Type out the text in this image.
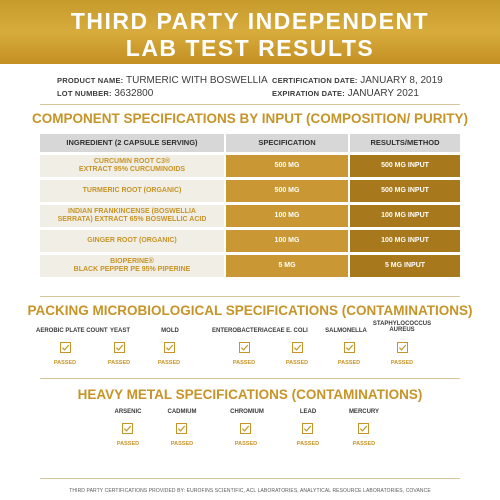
THIRD PARTY INDEPENDENT
LAB TEST RESULTS
PRODUCT NAME: TURMERIC WITH BOSWELLIA
LOT NUMBER: 3632800
CERTIFICATION DATE: JANUARY 8, 2019
EXPIRATION DATE: JANUARY 2021
COMPONENT SPECIFICATIONS BY INPUT (COMPOSITION/ PURITY)
INGREDIENT (2 CAPSULE SERVING)	SPECIFICATION	RESULTS/METHOD
CURCUMIN ROOT C3®
EXTRACT 95% CURCUMINOIDS
500 MG	500 MG INPUT
TURMERIC ROOT (ORGANIC)	500 MG	500 MG INPUT
INDIAN FRANKINCENSE (BOSWELLIA
SERRATA) EXTRACT 65% BOSWELLIC ACID
100 MG	100 MG INPUT
GINGER ROOT (ORGANIC)	100 MG	100 MG INPUT
BIOPERINE®
BLACK PEPPER PE 95% PIPERINE
5 MG	5 MG INPUT
PACKING MICROBIOLOGICAL SPECIFICATIONS (CONTAMINATIONS)
AEROBIC PLATE COUNT
PASSED
YEAST
PASSED
MOLD
PASSED
ENTEROBACTERIACEAE
PASSED
E. COLI
PASSED
SALMONELLA
PASSED
STAPHYLOCOCCUS
AUREUS
PASSED
HEAVY METAL SPECIFICATIONS (CONTAMINATIONS)
ARSENIC
PASSED
CADMIUM
PASSED
CHROMIUM
PASSED
LEAD
PASSED
MERCURY
PASSED
THIRD PARTY CERTIFICATIONS PROVIDED BY: EUROFINS SCIENTIFIC, ACL LABORATORIES, ANALYTICAL RESOURCE LABORATORIES, COVANCE
